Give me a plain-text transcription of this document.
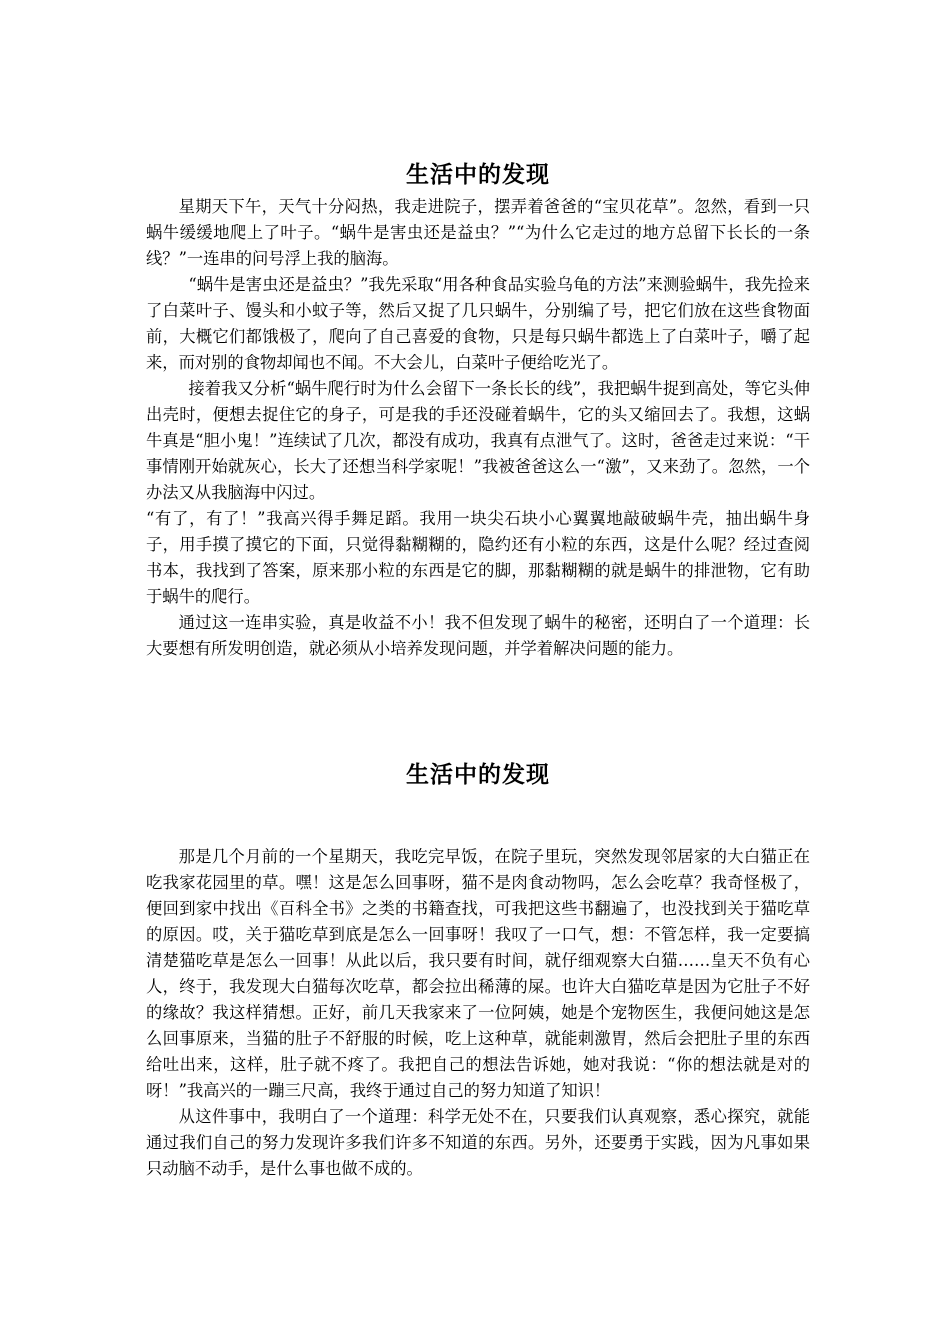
生活中的发现

星期天下午，天气十分闷热，我走进院子，摆弄着爸爸的“宝贝花草”。忽然，看到一只蜗牛缓缓地爬上了叶子。“蜗牛是害虫还是益虫？”“为什么它走过的地方总留下长长的一条线？”一连串的问号浮上我的脑海。

“蜗牛是害虫还是益虫？”我先采取“用各种食品实验乌龟的方法”来测验蜗牛，我先捡来了白菜叶子、馒头和小蚊子等，然后又捉了几只蜗牛，分别编了号，把它们放在这些食物面前，大概它们都饿极了，爬向了自己喜爱的食物，只是每只蜗牛都选上了白菜叶子，嚼了起来，而对别的食物却闻也不闻。不大会儿，白菜叶子便给吃光了。

接着我又分析“蜗牛爬行时为什么会留下一条长长的线”，我把蜗牛捉到高处，等它头伸出壳时，便想去捉住它的身子，可是我的手还没碰着蜗牛，它的头又缩回去了。我想，这蜗牛真是“胆小鬼！”连续试了几次，都没有成功，我真有点泄气了。这时，爸爸走过来说：“干事情刚开始就灰心，长大了还想当科学家呢！”我被爸爸这么一“激”，又来劲了。忽然，一个办法又从我脑海中闪过。

“有了，有了！”我高兴得手舞足蹈。我用一块尖石块小心翼翼地敲破蜗牛壳，抽出蜗牛身子，用手摸了摸它的下面，只觉得黏糊糊的，隐约还有小粒的东西，这是什么呢？经过查阅书本，我找到了答案，原来那小粒的东西是它的脚，那黏糊糊的就是蜗牛的排泄物，它有助于蜗牛的爬行。

通过这一连串实验，真是收益不小！我不但发现了蜗牛的秘密，还明白了一个道理：长大要想有所发明创造，就必须从小培养发现问题，并学着解决问题的能力。

生活中的发现

那是几个月前的一个星期天，我吃完早饭，在院子里玩，突然发现邻居家的大白猫正在吃我家花园里的草。嘿！这是怎么回事呀，猫不是肉食动物吗，怎么会吃草？我奇怪极了，便回到家中找出《百科全书》之类的书籍查找，可我把这些书翻遍了，也没找到关于猫吃草的原因。哎，关于猫吃草到底是怎么一回事呀！我叹了一口气，想：不管怎样，我一定要搞清楚猫吃草是怎么一回事！从此以后，我只要有时间，就仔细观察大白猫……皇天不负有心人，终于，我发现大白猫每次吃草，都会拉出稀薄的屎。也许大白猫吃草是因为它肚子不好的缘故？我这样猜想。正好，前几天我家来了一位阿姨，她是个宠物医生，我便问她这是怎么回事原来，当猫的肚子不舒服的时候，吃上这种草，就能刺激胃，然后会把肚子里的东西给吐出来，这样，肚子就不疼了。我把自己的想法告诉她，她对我说：“你的想法就是对的呀！”我高兴的一蹦三尺高，我终于通过自己的努力知道了知识！

从这件事中，我明白了一个道理：科学无处不在，只要我们认真观察，悉心探究，就能通过我们自己的努力发现许多我们许多不知道的东西。另外，还要勇于实践，因为凡事如果只动脑不动手，是什么事也做不成的。
